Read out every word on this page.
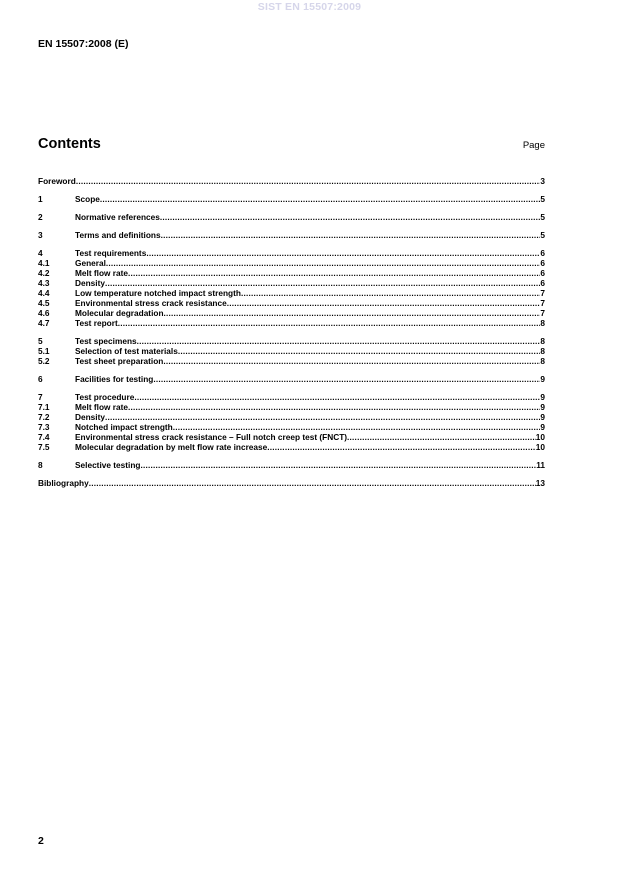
SIST EN 15507:2009
EN 15507:2008 (E)
Contents	Page
Foreword .....	3
1	Scope .....	5
2	Normative references .....	5
3	Terms and definitions .....	5
4	Test requirements .....	6
4.1	General .....	6
4.2	Melt flow rate .....	6
4.3	Density .....	6
4.4	Low temperature notched impact strength .....	7
4.5	Environmental stress crack resistance .....	7
4.6	Molecular degradation .....	7
4.7	Test report .....	8
5	Test specimens .....	8
5.1	Selection of test materials .....	8
5.2	Test sheet preparation .....	8
6	Facilities for testing .....	9
7	Test procedure .....	9
7.1	Melt flow rate .....	9
7.2	Density .....	9
7.3	Notched impact strength .....	9
7.4	Environmental stress crack resistance – Full notch creep test (FNCT) .....	10
7.5	Molecular degradation by melt flow rate increase .....	10
8	Selective testing .....	11
Bibliography .....	13
2
